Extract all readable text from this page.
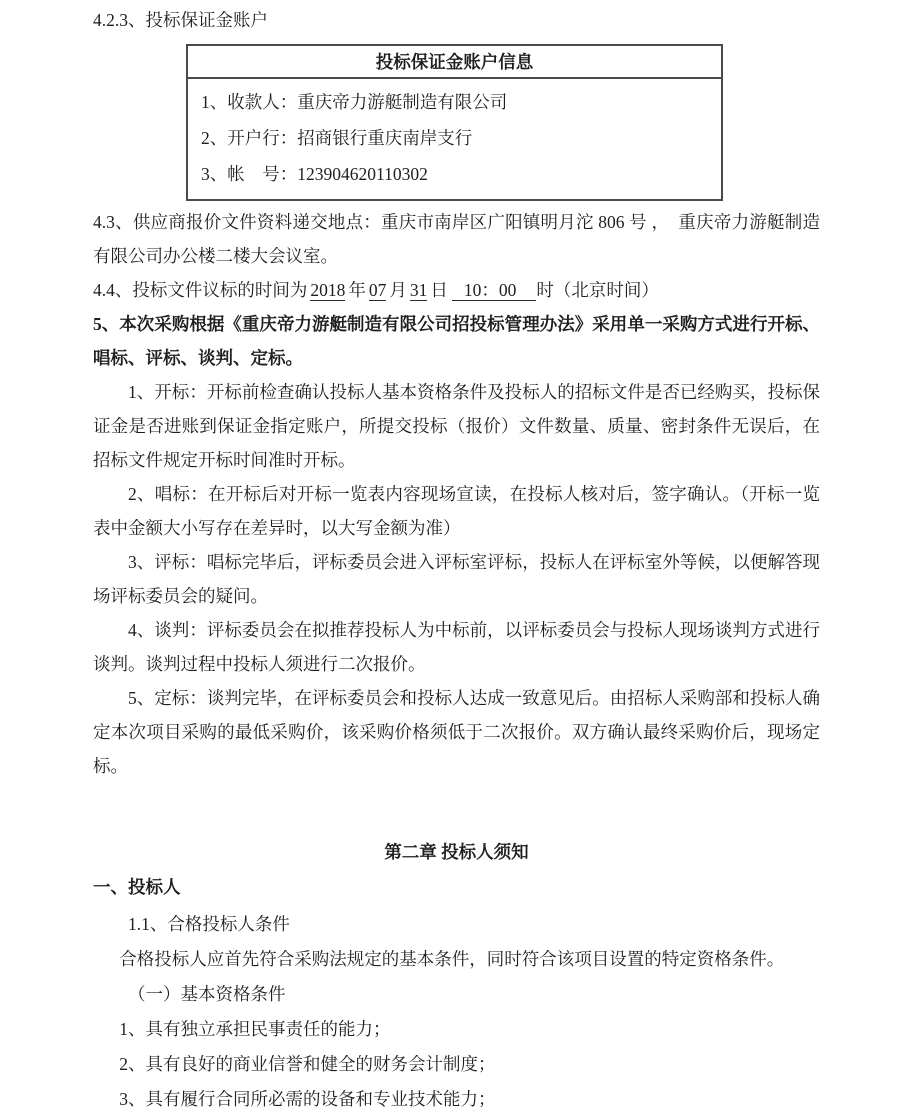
4.2.3、投标保证金账户

投标保证金账户信息

1、收款人：重庆帝力游艇制造有限公司

2、开户行：招商银行重庆南岸支行

3、帐　号：123904620110302

4.3、供应商报价文件资料递交地点：重庆市南岸区广阳镇明月沱 806 号 ，  重庆帝力游艇制造有限公司办公楼二楼大会议室。

4.4、投标文件议标的时间为 2018 年 07 月 31 日 10：00 时（北京时间）

5、本次采购根据《重庆帝力游艇制造有限公司招投标管理办法》采用单一采购方式进行开标、唱标、评标、谈判、定标。

1、开标：开标前检查确认投标人基本资格条件及投标人的招标文件是否已经购买，投标保证金是否进账到保证金指定账户，所提交投标（报价）文件数量、质量、密封条件无误后，在招标文件规定开标时间准时开标。

2、唱标：在开标后对开标一览表内容现场宣读，在投标人核对后，签字确认。（开标一览表中金额大小写存在差异时，以大写金额为准）

3、评标：唱标完毕后，评标委员会进入评标室评标，投标人在评标室外等候，以便解答现场评标委员会的疑问。

4、谈判：评标委员会在拟推荐投标人为中标前，以评标委员会与投标人现场谈判方式进行谈判。谈判过程中投标人须进行二次报价。

5、定标：谈判完毕，在评标委员会和投标人达成一致意见后。由招标人采购部和投标人确定本次项目采购的最低采购价，该采购价格须低于二次报价。双方确认最终采购价后，现场定标。

第二章 投标人须知

一、投标人

1.1、合格投标人条件

合格投标人应首先符合采购法规定的基本条件，同时符合该项目设置的特定资格条件。

（一）基本资格条件

1、具有独立承担民事责任的能力；

2、具有良好的商业信誉和健全的财务会计制度；

3、具有履行合同所必需的设备和专业技术能力；
